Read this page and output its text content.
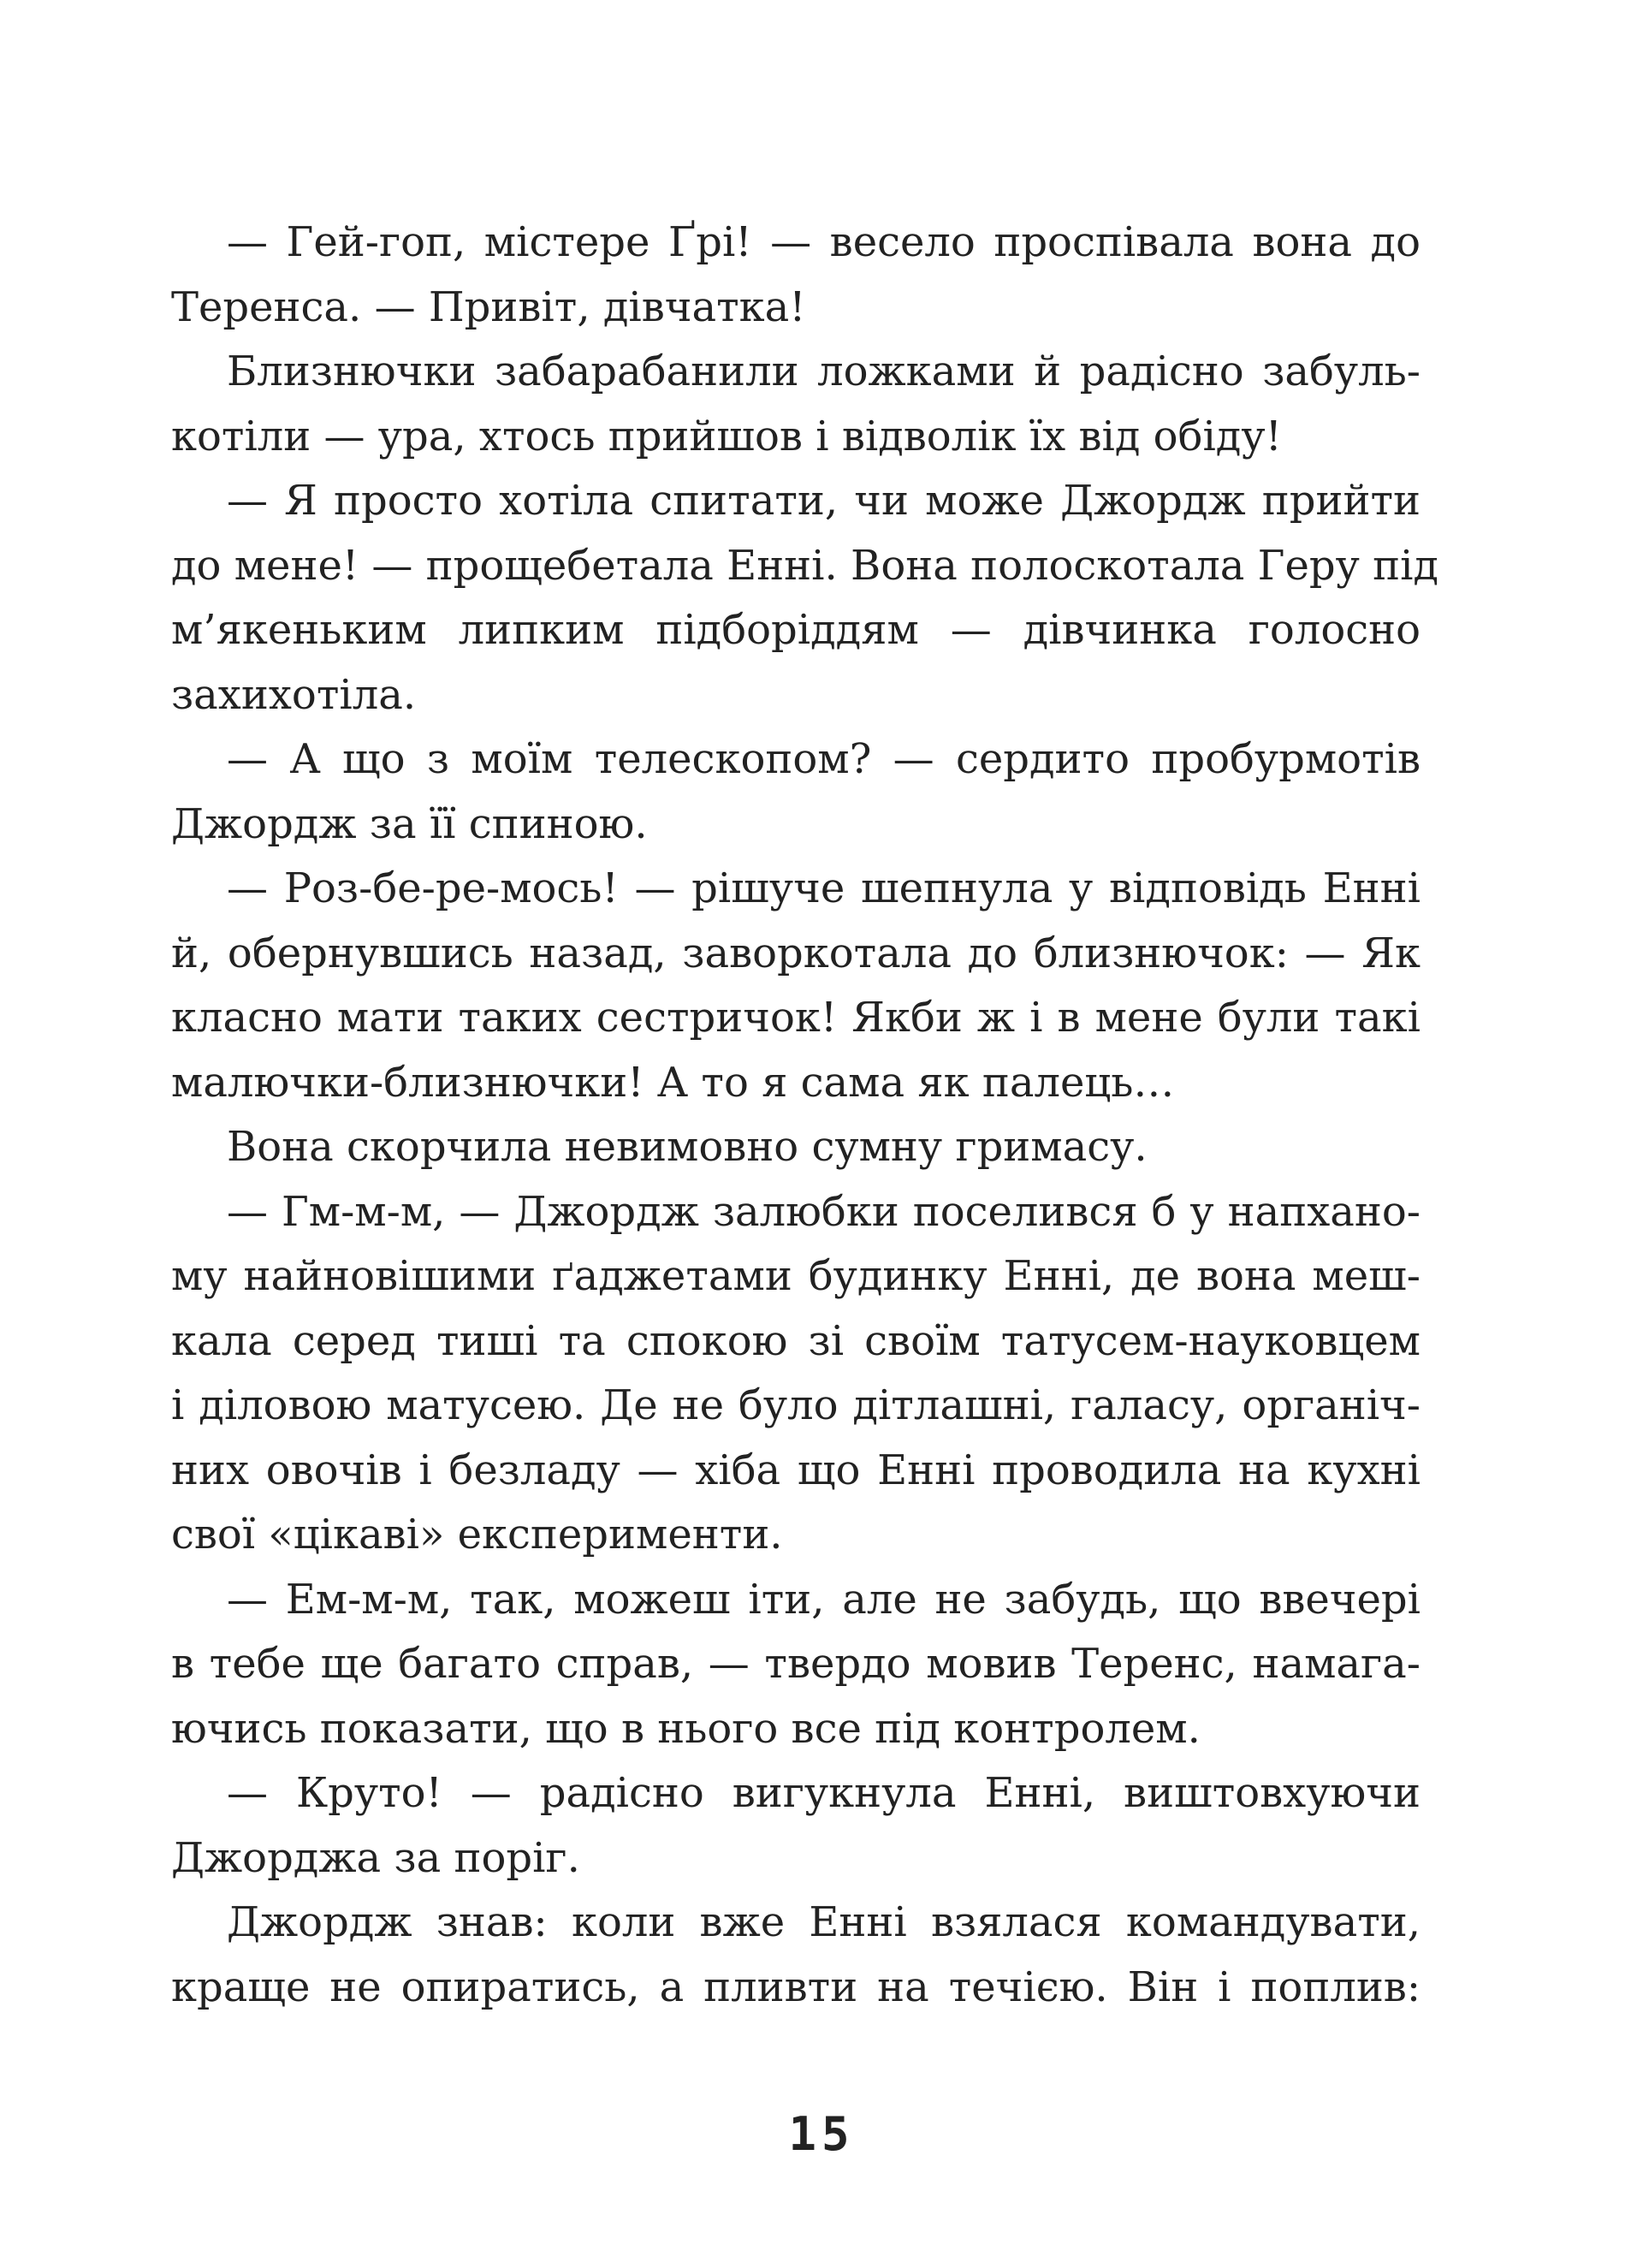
— Гей-гоп, містере Ґрі! — весело проспівала вона до
Теренса. — Привіт, дівчатка!
Близнючки забарабанили ложками й радісно забуль-
котіли — ура, хтось прийшов і відволік їх від обіду!
— Я просто хотіла спитати, чи може Джордж прийти
до мене! — прощебетала Енні. Вона полоскотала Геру під
м’якеньким липким підборіддям — дівчинка голосно
захихотіла.
— А що з моїм телескопом? — сердито пробурмотів
Джордж за її спиною.
— Роз-бе-ре-мось! — рішуче шепнула у відповідь Енні
й, обернувшись назад, заворкотала до близнючок: — Як
класно мати таких сестричок! Якби ж і в мене були такі
малючки-близнючки! А то я сама як палець…
Вона скорчила невимовно сумну гримасу.
— Гм-м-м, — Джордж залюбки поселився б у напхано-
му найновішими ґаджетами будинку Енні, де вона меш-
кала серед тиші та спокою зі своїм татусем-науковцем
і діловою матусею. Де не було дітлашні, галасу, органіч-
них овочів і безладу — хіба що Енні проводила на кухні
свої «цікаві» експерименти.
— Ем-м-м, так, можеш іти, але не забудь, що ввечері
в тебе ще багато справ, — твердо мовив Теренс, намага-
ючись показати, що в нього все під контролем.
— Круто! — радісно вигукнула Енні, виштовхуючи
Джорджа за поріг.
Джордж знав: коли вже Енні взялася командувати,
краще не опиратись, а пливти на течією. Він і поплив:
15
